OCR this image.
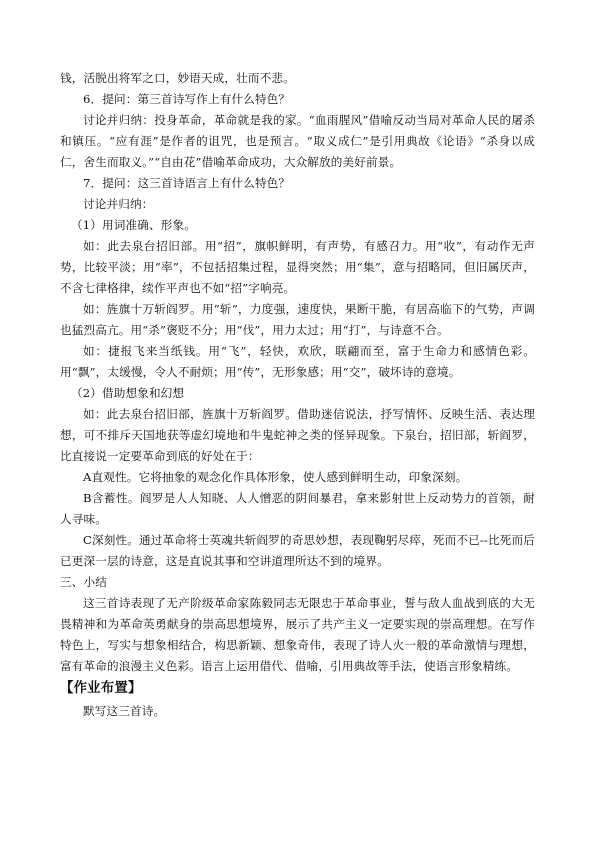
钱，活脱出将军之口，妙语天成，壮而不悲。

6．提问：第三首诗写作上有什么特色？

讨论并归纳：投身革命，革命就是我的家。“血雨腥风”借喻反动当局对革命人民的屠杀和镇压。“应有涯”是作者的诅咒，也是预言。“取义成仁”是引用典故《论语》“杀身以成仁，舍生而取义。”“自由花”借喻革命成功，大众解放的美好前景。

7．提问：这三首诗语言上有什么特色？

讨论并归纳：

（1）用词准确、形象。

如：此去泉台招旧部。用“招”，旗帜鲜明，有声势，有感召力。用“收”，有动作无声势，比较平淡；用“率”，不包括招集过程，显得突然；用“集”，意与招略同，但旧属厌声，不含七律格律，续作平声也不如“招”字响亮。

如：旌旗十万斩阎罗。用“斩”，力度强，速度快，果断干脆，有居高临下的气势，声调也猛烈高亢。用“杀”褒贬不分；用“伐”，用力太过；用“打”，与诗意不合。

如：捷报飞来当纸钱。用“飞”，轻快，欢欣，联翩而至，富于生命力和感情色彩。用“飘”，太缓慢，令人不耐烦；用“传”，无形象感；用“交”，破坏诗的意境。

（2）借助想象和幻想

如：此去泉台招旧部，旌旗十万斩阎罗。借助迷信说法，抒写情怀、反映生活、表达理想，可不排斥天国地获等虚幻境地和牛鬼蛇神之类的怪异现象。下泉台，招旧部，斩阎罗，比直接说一定要革命到底的好处在于：

A直观性。它将抽象的观念化作具体形象，使人感到鲜明生动，印象深刻。

B含蓄性。阎罗是人人知晓、人人憎恶的阴间暴君，拿来影射世上反动势力的首领，耐人寻味。

C深刻性。通过革命将士英魂共斩阎罗的奇思妙想，表现鞠躬尽瘁，死而不已--比死而后已更深一层的诗意，这是直说其事和空讲道理所达不到的境界。

三、小结

这三首诗表现了无产阶级革命家陈毅同志无限忠于革命事业，誓与敌人血战到底的大无畏精神和为革命英勇献身的崇高思想境界，展示了共产主义一定要实现的崇高理想。在写作特色上，写实与想象相结合，构思新颖、想象奇伟，表现了诗人火一般的革命激情与理想，富有革命的浪漫主义色彩。语言上运用借代、借喻，引用典故等手法，使语言形象精练。

【作业布置】

默写这三首诗。
